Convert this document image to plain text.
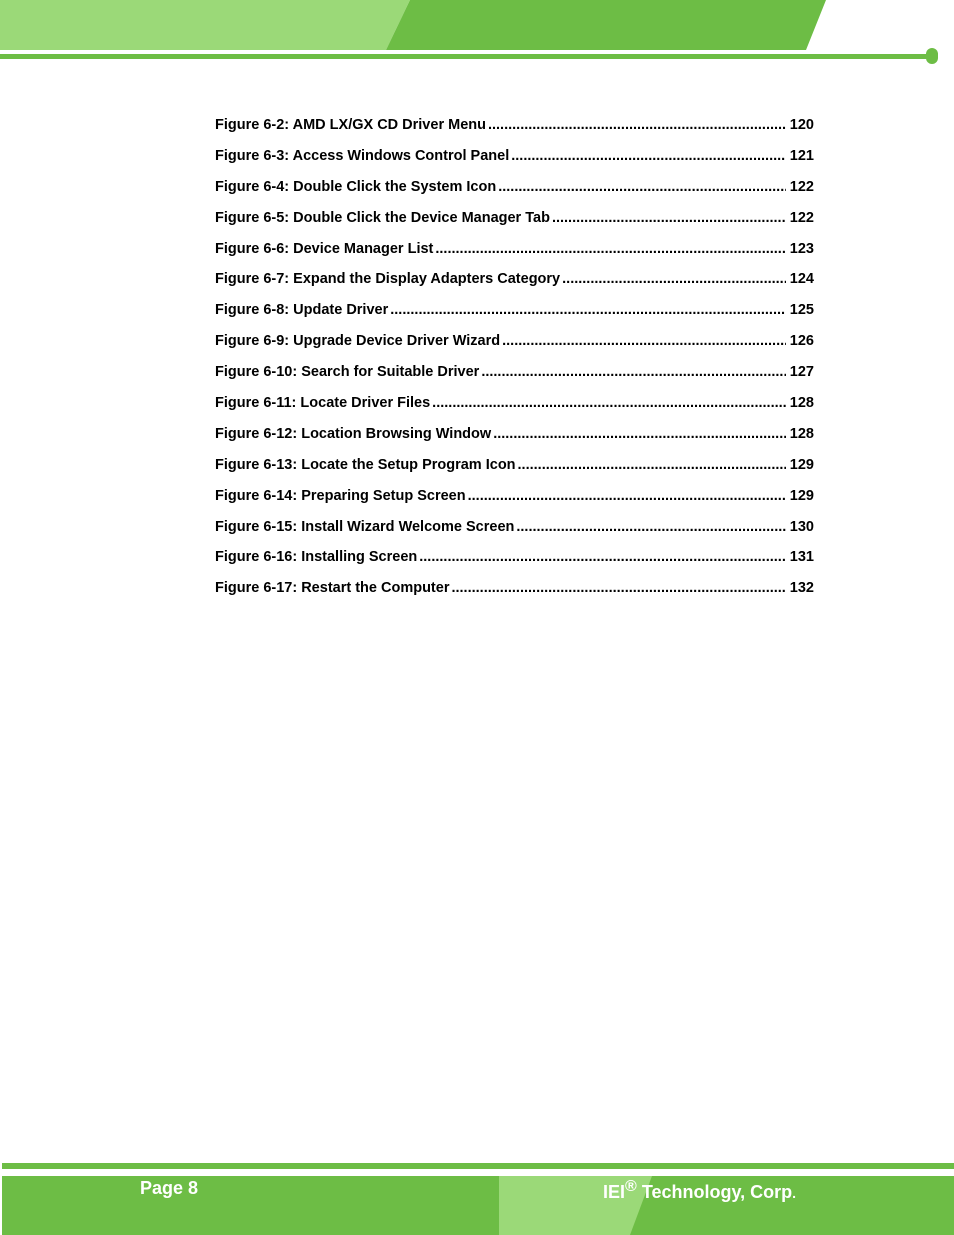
Figure 6-2: AMD LX/GX CD Driver Menu .....	120
Figure 6-3: Access Windows Control Panel .....	121
Figure 6-4: Double Click the System Icon .....	122
Figure 6-5: Double Click the Device Manager Tab .....	122
Figure 6-6: Device Manager List .....	123
Figure 6-7: Expand the Display Adapters Category .....	124
Figure 6-8: Update Driver .....	125
Figure 6-9: Upgrade Device Driver Wizard .....	126
Figure 6-10: Search for Suitable Driver .....	127
Figure 6-11: Locate Driver Files .....	128
Figure 6-12: Location Browsing Window .....	128
Figure 6-13: Locate the Setup Program Icon .....	129
Figure 6-14: Preparing Setup Screen .....	129
Figure 6-15: Install Wizard Welcome Screen .....	130
Figure 6-16: Installing Screen .....	131
Figure 6-17: Restart the Computer .....	132
Page 8	IEI® Technology, Corp.
